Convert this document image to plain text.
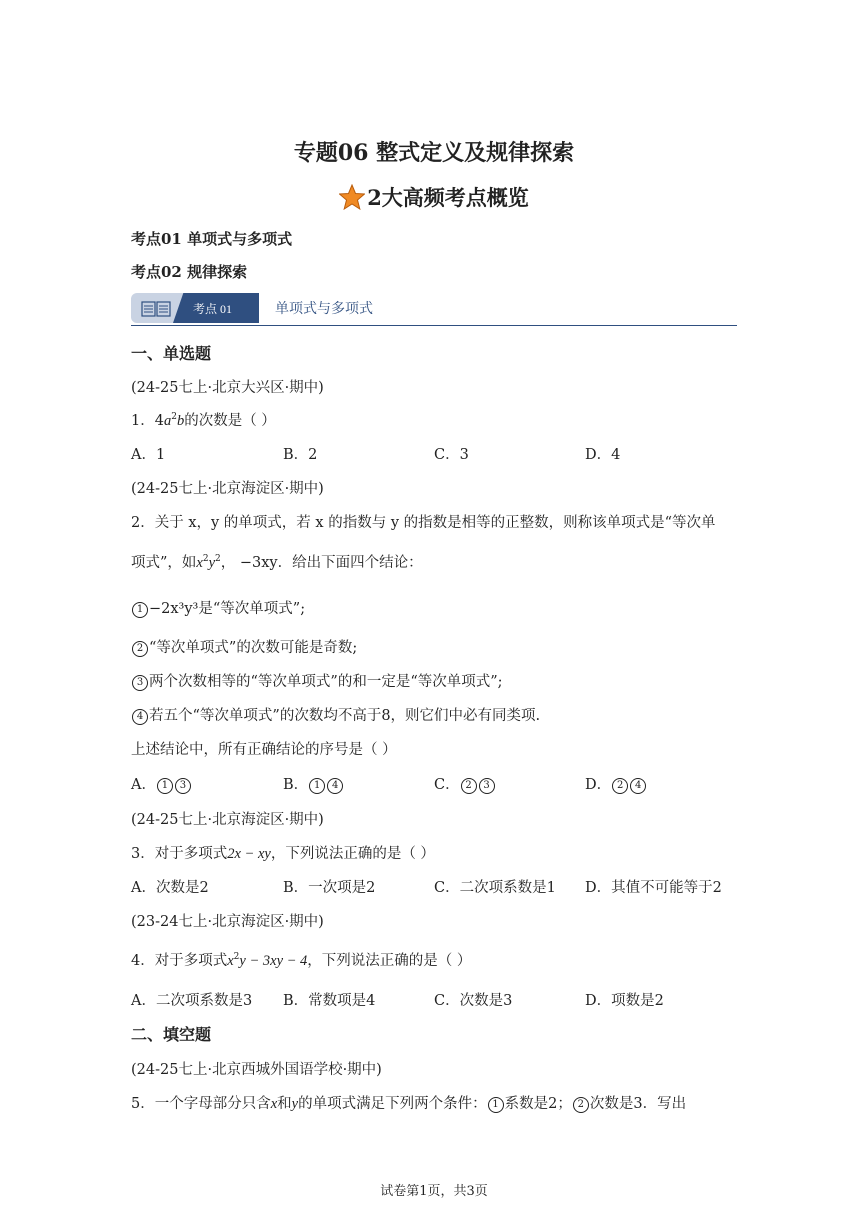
专题06 整式定义及规律探索
2大高频考点概览
考点01 单项式与多项式
考点02 规律探索
考点 01	单项式与多项式
一、单选题
(24-25七上·北京大兴区·期中)
1．$4a^2b$的次数是（ ）
A．1	B．2	C．3	D．4
(24-25七上·北京海淀区·期中)
2．关于 x，y 的单项式，若 x 的指数与 y 的指数是相等的正整数，则称该单项式是“等次单
项式”，如$x^2y^2$， −3xy．给出下面四个结论：
1 −2x³y³是“等次单项式”;
2 “等次单项式”的次数可能是奇数;
3 两个次数相等的“等次单项式”的和一定是“等次单项式”;
4 若五个“等次单项式”的次数均不高于8，则它们中必有同类项.
上述结论中，所有正确结论的序号是（ ）
A． 1 3	B． 1 4	C． 2 3	D． 2 4
(24-25七上·北京海淀区·期中)
3．对于多项式2x − xy，下列说法正确的是（ ）
A．次数是2	B．一次项是2	C．二次项系数是1 D．其值不可能等于2
(23-24七上·北京海淀区·期中)
4．对于多项式$x^2y - 3xy - 4$，下列说法正确的是（ ）
A．二次项系数是3 B．常数项是4	C．次数是3	D．项数是2
二、填空题
(24-25七上·北京西城外国语学校·期中)
5．一个字母部分只含x和y的单项式满足下列两个条件： 1 系数是2； 2 次数是3．写出
试卷第1页，共3页
